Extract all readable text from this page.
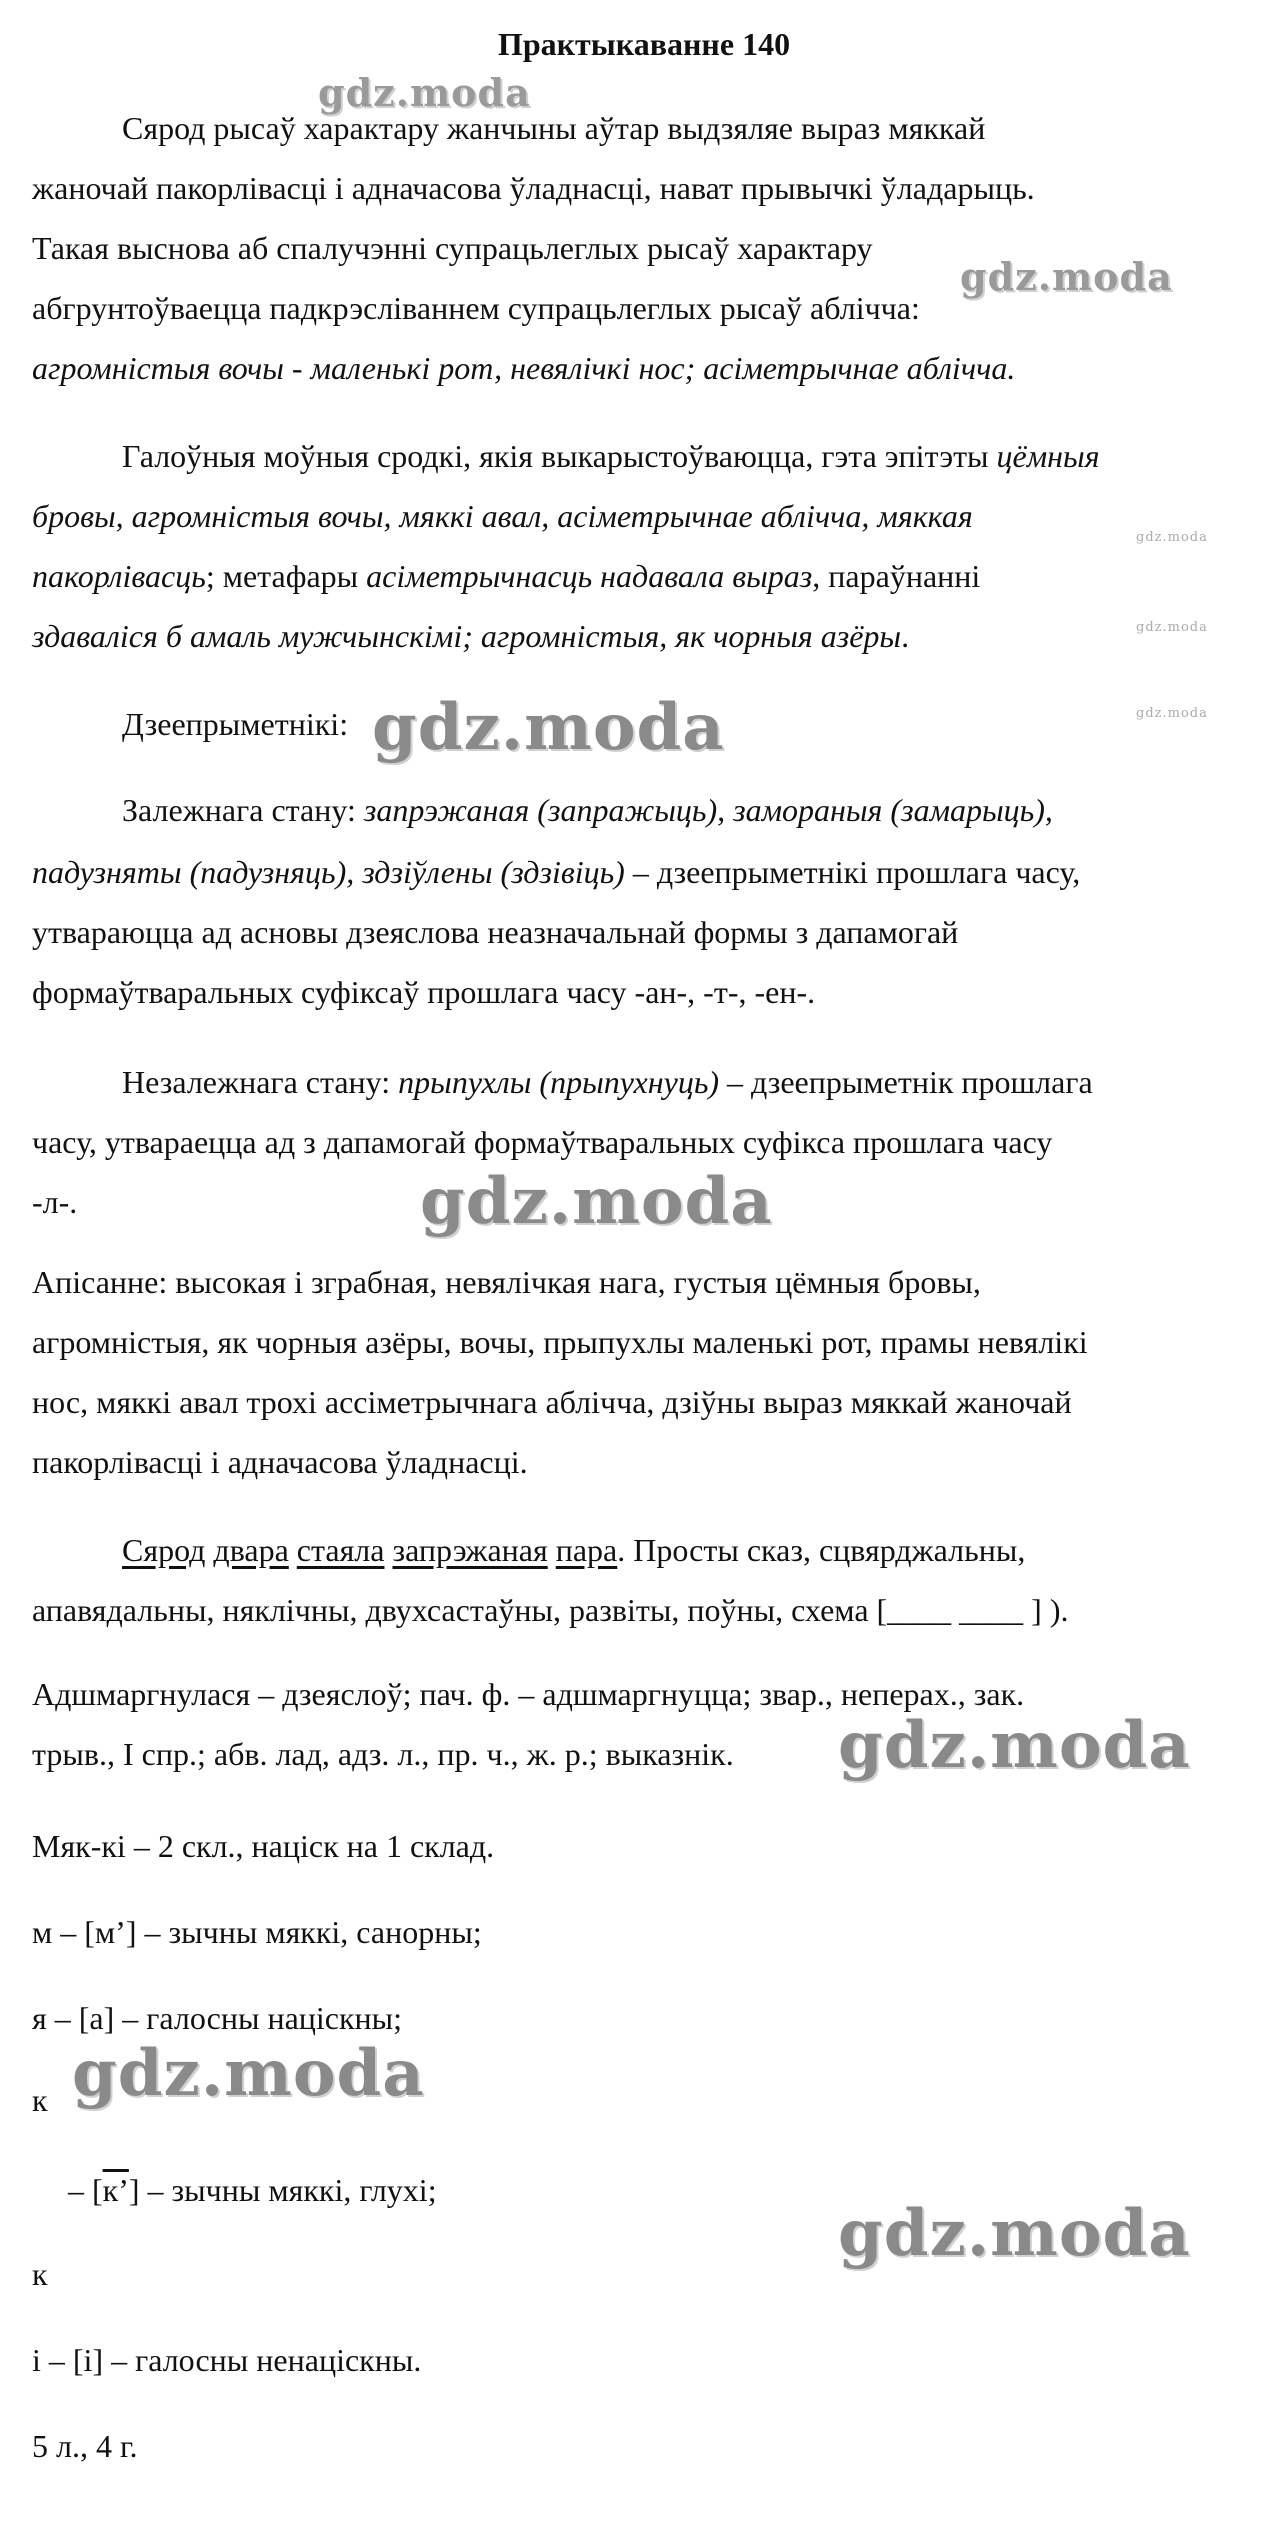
Практыкаванне 140
Сярод рысаў характару жанчыны аўтар выдзяляе выраз мяккай
жаночай пакорлівасці і адначасова ўладнасці, нават прывычкі ўладарыць.
Такая выснова аб спалучэнні супрацьлеглых рысаў характару
абгрунтоўваецца падкрэсліваннем супрацьлеглых рысаў аблічча:
агромністыя вочы - маленькі рот, невялічкі нос; асіметрычнае аблічча.
Галоўныя моўныя сродкі, якія выкарыстоўваюцца, гэта эпітэты цёмныя
бровы, агромністыя вочы, мяккі авал, асіметрычнае аблічча, мяккая
пакорлівасць; метафары асіметрычнасць надавала выраз, параўнанні
здаваліся б амаль мужчынскімі; агромністыя, як чорныя азёры.
Дзеепрыметнікі:
Залежнага стану: запрэжаная (запражыць), замораныя (замарыць),
падузняты (падузняць), здзіўлены (здзівіць) – дзеепрыметнікі прошлага часу,
утвараюцца ад асновы дзеяслова неазначальнай формы з дапамогай
формаўтваральных суфіксаў прошлага часу -ан-, -т-, -ен-.
Незалежнага стану: прыпухлы (прыпухнуць) – дзеепрыметнік прошлага
часу, утвараецца ад з дапамогай формаўтваральных суфікса прошлага часу
-л-.
Апісанне: высокая і зграбная, невялічкая нага, густыя цёмныя бровы,
агромністыя, як чорныя азёры, вочы, прыпухлы маленькі рот, прамы невялікі
нос, мяккі авал трохі ассіметрычнага аблічча, дзіўны выраз мяккай жаночай
пакорлівасці і адначасова ўладнасці.
Сярод двара стаяла запрэжаная пара. Просты сказ, сцвярджальны,
апавядальны, няклічны, двухсастаўны, развіты, поўны, схема [____ ____ ] ).
Адшмаргнулася – дзеяслоў; пач. ф. – адшмаргнуцца; звар., неперах., зак.
трыв., I спр.; абв. лад, адз. л., пр. ч., ж. р.; выказнік.
Мяк-кі – 2 скл., націск на 1 склад.
м – [м’] – зычны мяккі, санорны;
я – [а] – галосны націскны;
к
– [к’] – зычны мяккі, глухі;
к
і – [і] – галосны ненаціскны.
5 л., 4 г.
gdz.moda
gdz.moda
gdz.moda
gdz.moda
gdz.moda
gdz.moda
gdz.moda
gdz.moda
gdz.moda
gdz.moda
